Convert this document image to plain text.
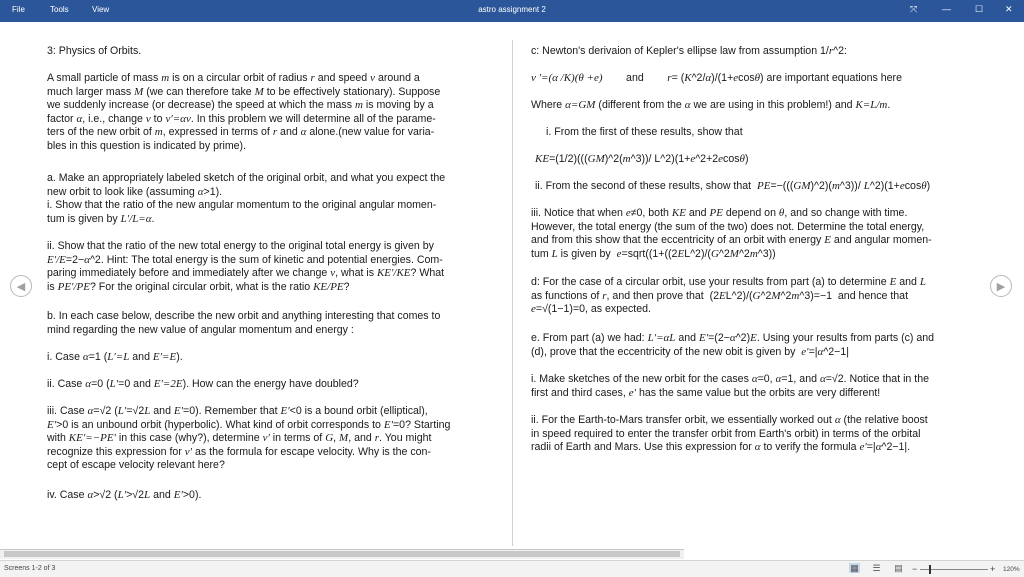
File	Tools	View	astro assignment 2	⤧	—	☐ ✕

3: Physics of Orbits.

A small particle of mass m is on a circular orbit of radius r and speed v around a
much larger mass M (we can therefore take M to be effectively stationary). Suppose
we suddenly increase (or decrease) the speed at which the mass m is moving by a
factor α, i.e., change v to v′=αv. In this problem we will determine all of the parame-
ters of the new orbit of m, expressed in terms of r and α alone.(new value for varia-
bles in this question is indicated by prime).
a. Make an appropriately labeled sketch of the original orbit, and what you expect the
new orbit to look like (assuming α>1).
i. Show that the ratio of the new angular momentum to the original angular momen-
tum is given by L′/L=α.
ii. Show that the ratio of the new total energy to the original total energy is given by
E′/E=2−α^2. Hint: The total energy is the sum of kinetic and potential energies. Com-
paring immediately before and immediately after we change v, what is KE′/KE? What
is PE′/PE? For the original circular orbit, what is the ratio KE/PE?
b. In each case below, describe the new orbit and anything interesting that comes to
mind regarding the new value of angular momentum and energy :
i. Case α=1 (L′=L and E′=E).
ii. Case α=0 (L′=0 and E′=2E). How can the energy have doubled?
iii. Case α=√2 (L′=√2L and E′=0). Remember that E′<0 is a bound orbit (elliptical),
E′>0 is an unbound orbit (hyperbolic). What kind of orbit corresponds to E′=0? Starting
with KE′=−PE′ in this case (why?), determine v′ in terms of G, M, and r. You might
recognize this expression for v′ as the formula for escape velocity. Why is the con-
cept of escape velocity relevant here?
iv. Case α>√2 (L′>√2L and E′>0).
c: Newton's derivaion of Kepler's ellipse law from assumption 1/r^2:
v ′=(α /K)(θ +e)        and        r= (K^2/α)/(1+ecosθ) are important equations here
Where α=GM (different from the α we are using in this problem!) and K=L/m.
i. From the first of these results, show that
KE=(1/2)(((GM)^2(m^3))/ L^2)(1+e^2+2ecosθ)
ii. From the second of these results, show that  PE=−(((GM)^2)(m^3))/ L^2)(1+ecosθ)
iii. Notice that when e≠0, both KE and PE depend on θ, and so change with time.
However, the total energy (the sum of the two) does not. Determine the total energy,
and from this show that the eccentricity of an orbit with energy E and angular momen-
tum L is given by  e=sqrt((1+((2EL^2)/(G^2M^2m^3))
d: For the case of a circular orbit, use your results from part (a) to determine E and L
as functions of r, and then prove that  (2EL^2)/(G^2M^2m^3)=−1  and hence that
e=√(1−1)=0, as expected.
e. From part (a) we had: L′=αL and E′=(2−α^2)E. Using your results from parts (c) and
(d), prove that the eccentricity of the new obit is given by  e′=|α^2−1|
i. Make sketches of the new orbit for the cases α=0, α=1, and α=√2. Notice that in the
first and third cases, e′ has the same value but the orbits are very different!
ii. For the Earth-to-Mars transfer orbit, we essentially worked out α (the relative boost
in speed required to enter the transfer orbit from Earth's orbit) in terms of the orbital
radii of Earth and Mars. Use this expression for α to verify the formula e′=|α^2−1|.
◀	▶
Screens 1-2 of 3	▦ ☰ ▤ −	+ 120%
